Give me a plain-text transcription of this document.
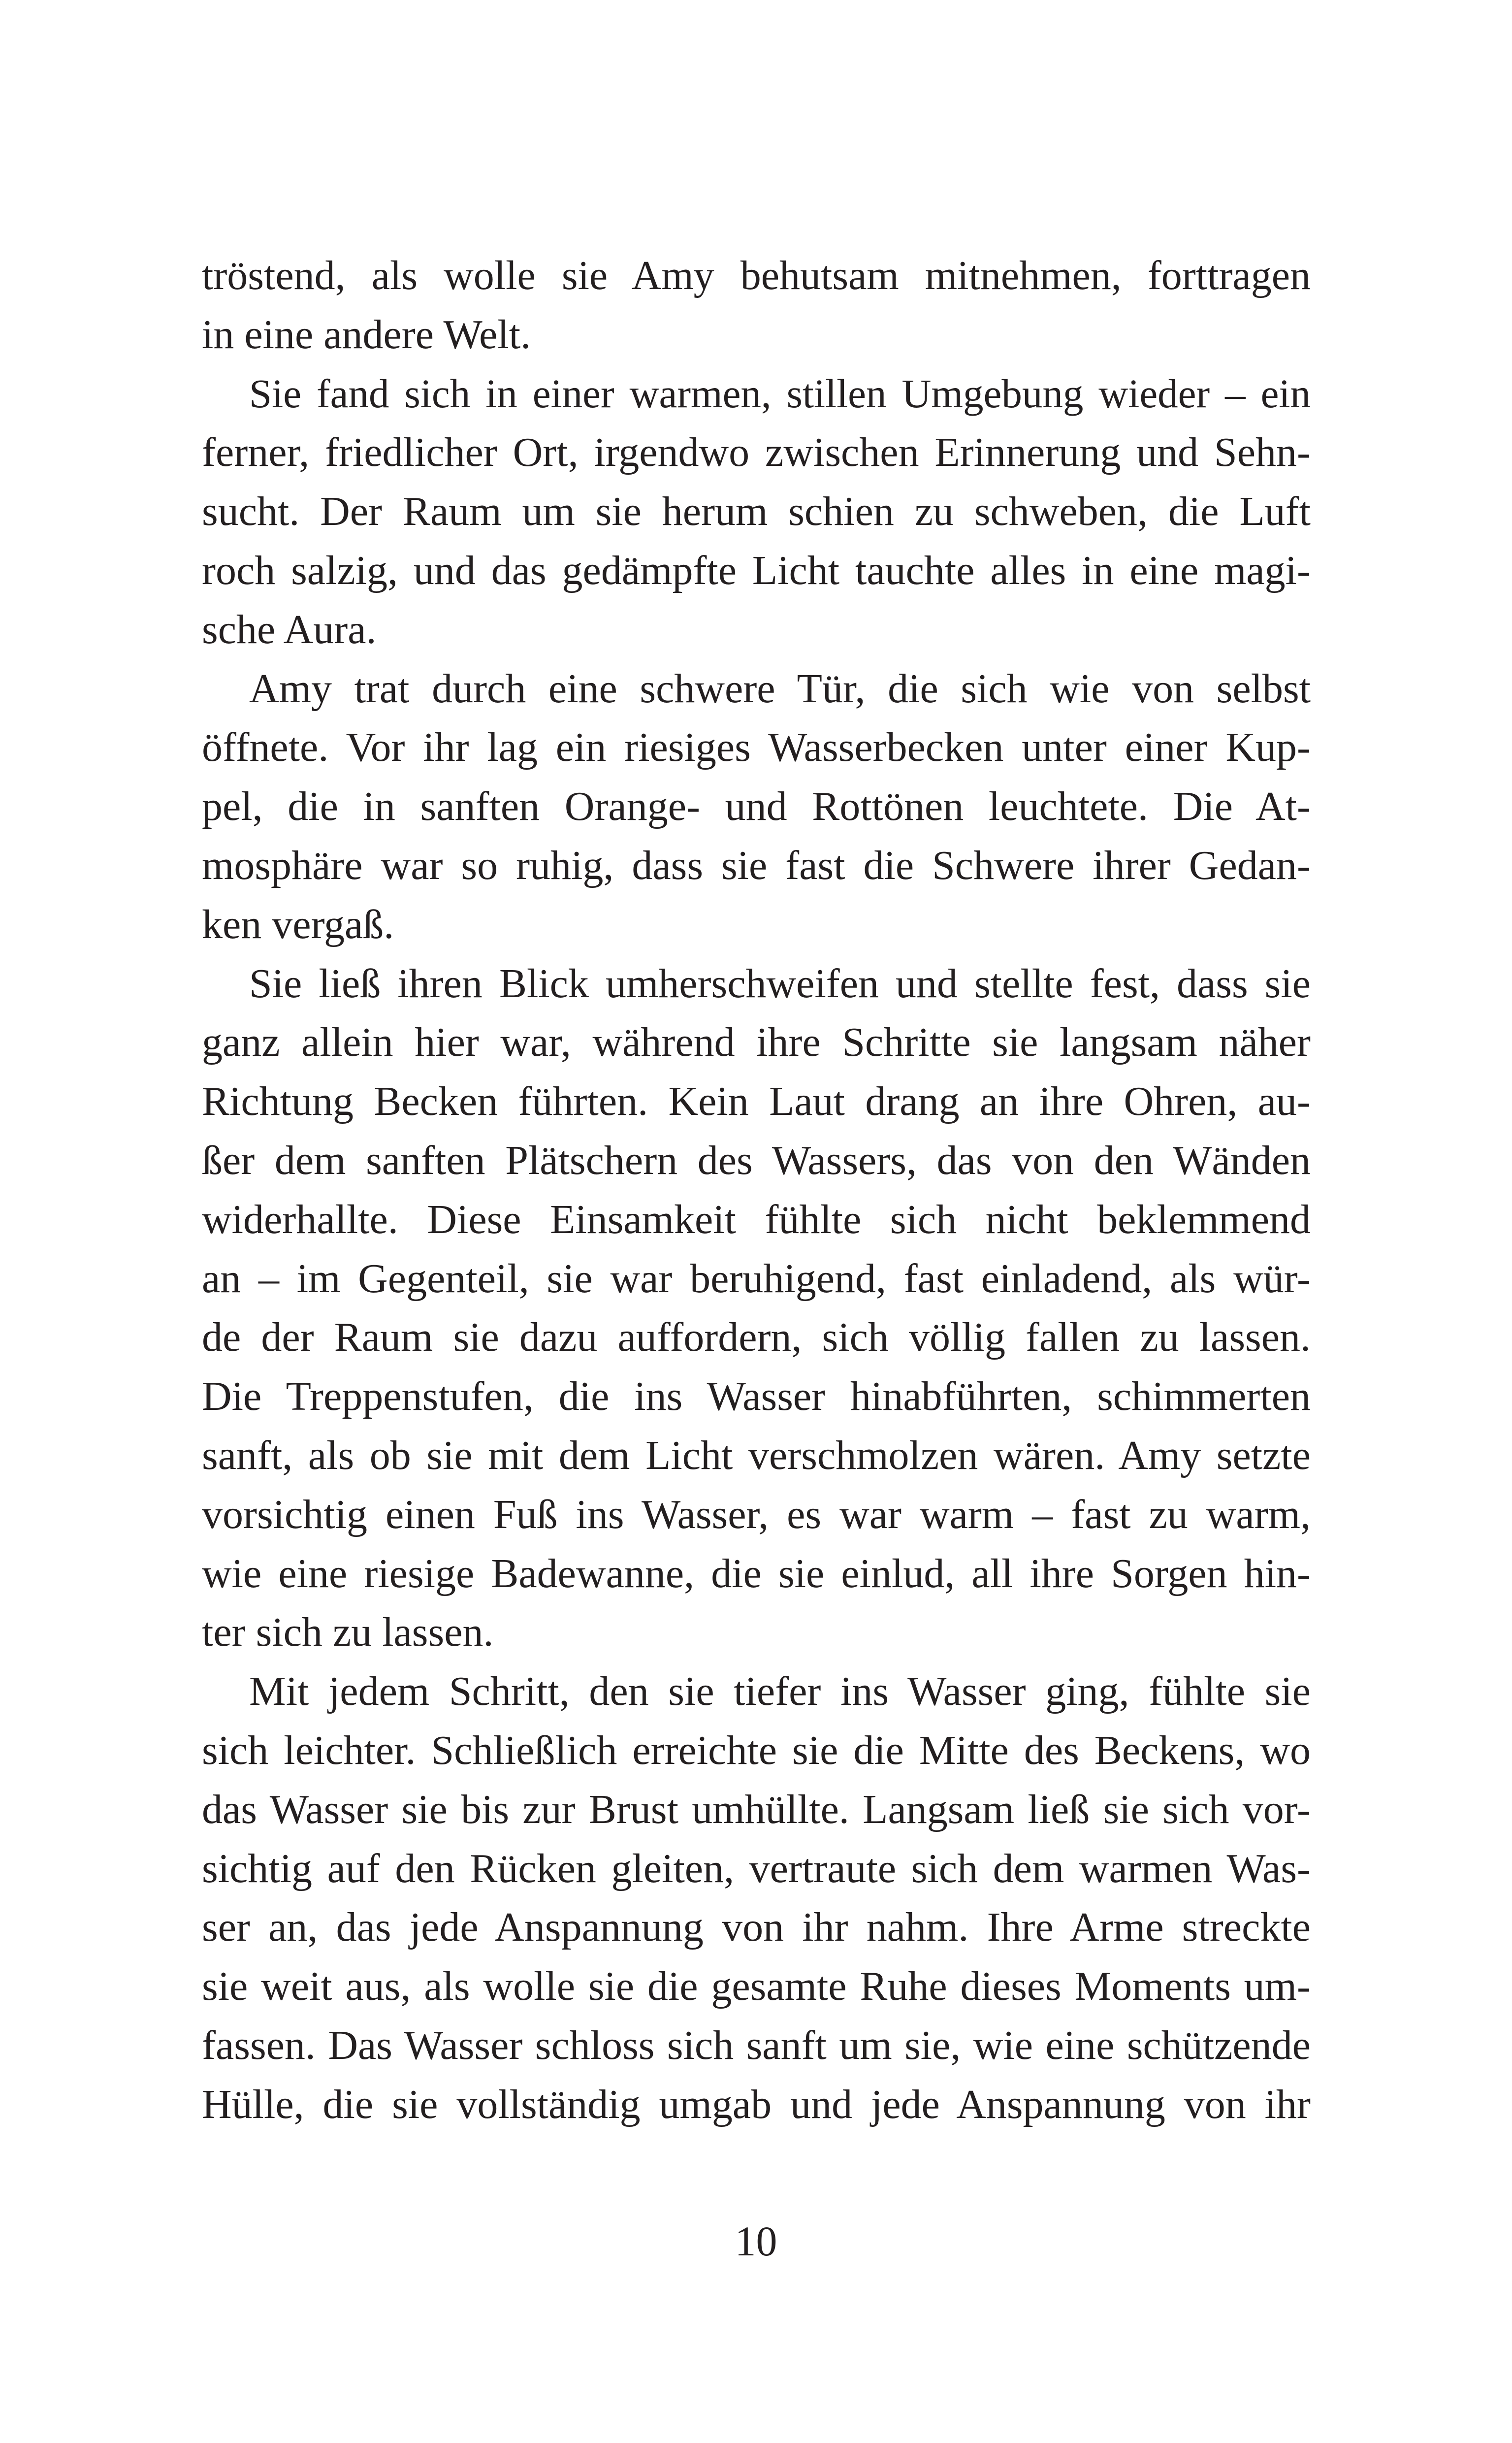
tröstend, als wolle sie Amy behutsam mitnehmen, forttragen
in eine andere Welt.
Sie fand sich in einer warmen, stillen Umgebung wieder – ein
ferner, friedlicher Ort, irgendwo zwischen Erinnerung und Sehn-
sucht. Der Raum um sie herum schien zu schweben, die Luft
roch salzig, und das gedämpfte Licht tauchte alles in eine magi-
sche Aura.
Amy trat durch eine schwere Tür, die sich wie von selbst
öffnete. Vor ihr lag ein riesiges Wasserbecken unter einer Kup-
pel, die in sanften Orange- und Rottönen leuchtete. Die At-
mosphäre war so ruhig, dass sie fast die Schwere ihrer Gedan-
ken vergaß.
Sie ließ ihren Blick umherschweifen und stellte fest, dass sie
ganz allein hier war, während ihre Schritte sie langsam näher
Richtung Becken führten. Kein Laut drang an ihre Ohren, au-
ßer dem sanften Plätschern des Wassers, das von den Wänden
widerhallte. Diese Einsamkeit fühlte sich nicht beklemmend
an – im Gegenteil, sie war beruhigend, fast einladend, als wür-
de der Raum sie dazu auffordern, sich völlig fallen zu lassen.
Die Treppenstufen, die ins Wasser hinabführten, schimmerten
sanft, als ob sie mit dem Licht verschmolzen wären. Amy setzte
vorsichtig einen Fuß ins Wasser, es war warm – fast zu warm,
wie eine riesige Badewanne, die sie einlud, all ihre Sorgen hin-
ter sich zu lassen.
Mit jedem Schritt, den sie tiefer ins Wasser ging, fühlte sie
sich leichter. Schließlich erreichte sie die Mitte des Beckens, wo
das Wasser sie bis zur Brust umhüllte. Langsam ließ sie sich vor-
sichtig auf den Rücken gleiten, vertraute sich dem warmen Was-
ser an, das jede Anspannung von ihr nahm. Ihre Arme streckte
sie weit aus, als wolle sie die gesamte Ruhe dieses Moments um-
fassen. Das Wasser schloss sich sanft um sie, wie eine schützende
Hülle, die sie vollständig umgab und jede Anspannung von ihr
10
